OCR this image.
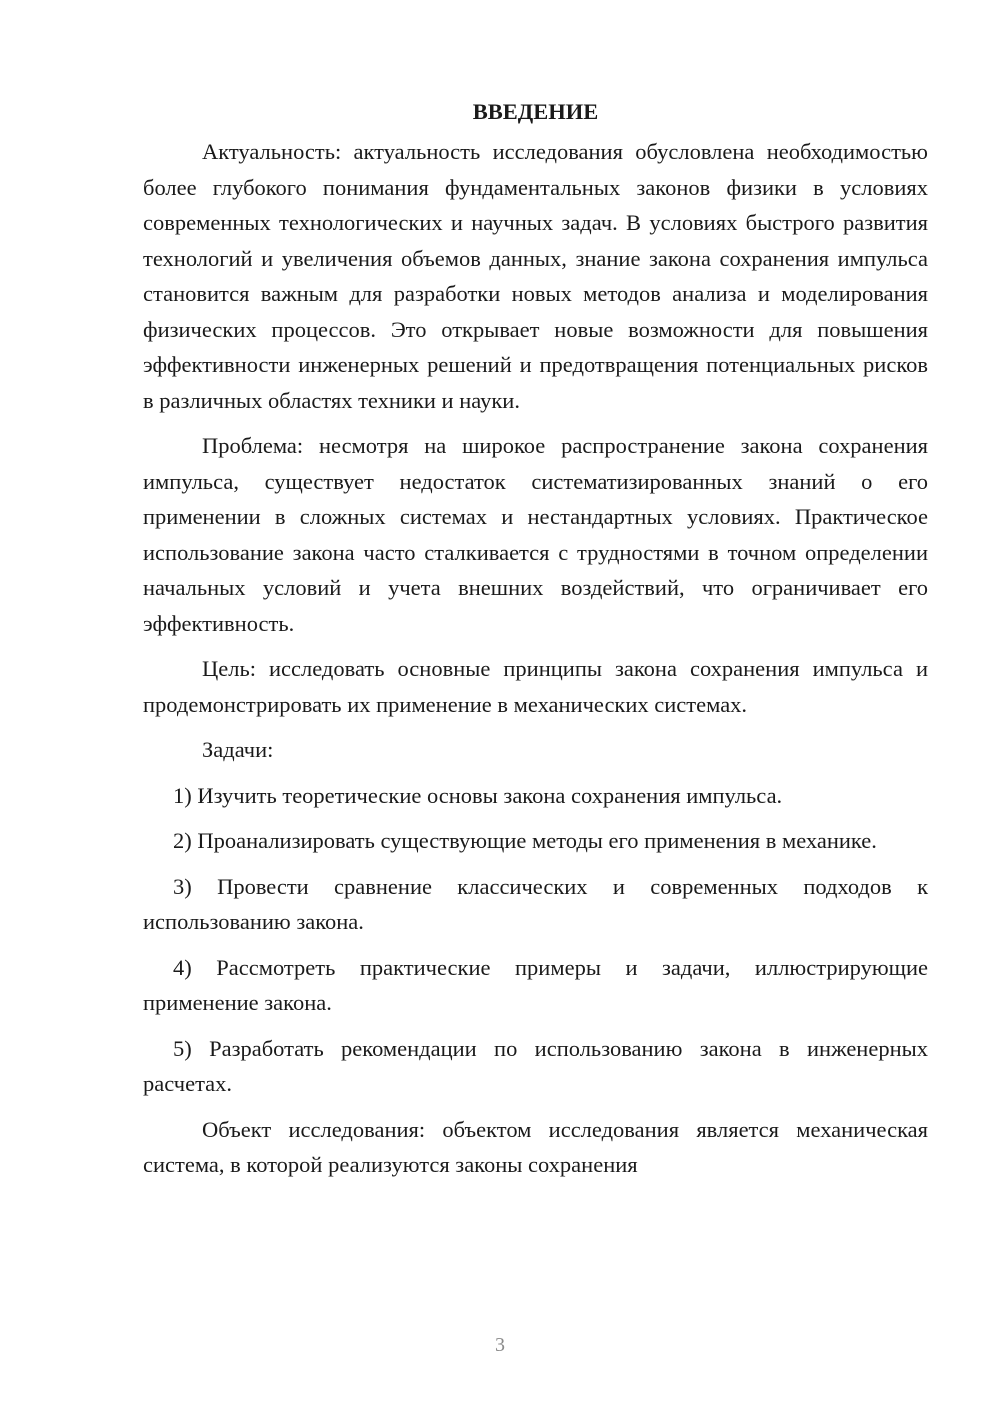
ВВЕДЕНИЕ

Актуальность: актуальность исследования обусловлена необходимостью более глубокого понимания фундаментальных законов физики в условиях современных технологических и научных задач. В условиях быстрого развития технологий и увеличения объемов данных, знание закона сохранения импульса становится важным для разработки новых методов анализа и моделирования физических процессов. Это открывает новые возможности для повышения эффективности инженерных решений и предотвращения потенциальных рисков в различных областях техники и науки.

Проблема: несмотря на широкое распространение закона сохранения импульса, существует недостаток систематизированных знаний о его применении в сложных системах и нестандартных условиях. Практическое использование закона часто сталкивается с трудностями в точном определении начальных условий и учета внешних воздействий, что ограничивает его эффективность.

Цель: исследовать основные принципы закона сохранения импульса и продемонстрировать их применение в механических системах.

Задачи:

1) Изучить теоретические основы закона сохранения импульса.

2) Проанализировать существующие методы его применения в механике.

3) Провести сравнение классических и современных подходов к использованию закона.

4) Рассмотреть практические примеры и задачи, иллюстрирующие применение закона.

5) Разработать рекомендации по использованию закона в инженерных расчетах.

Объект исследования: объектом исследования является механическая система, в которой реализуются законы сохранения

3
